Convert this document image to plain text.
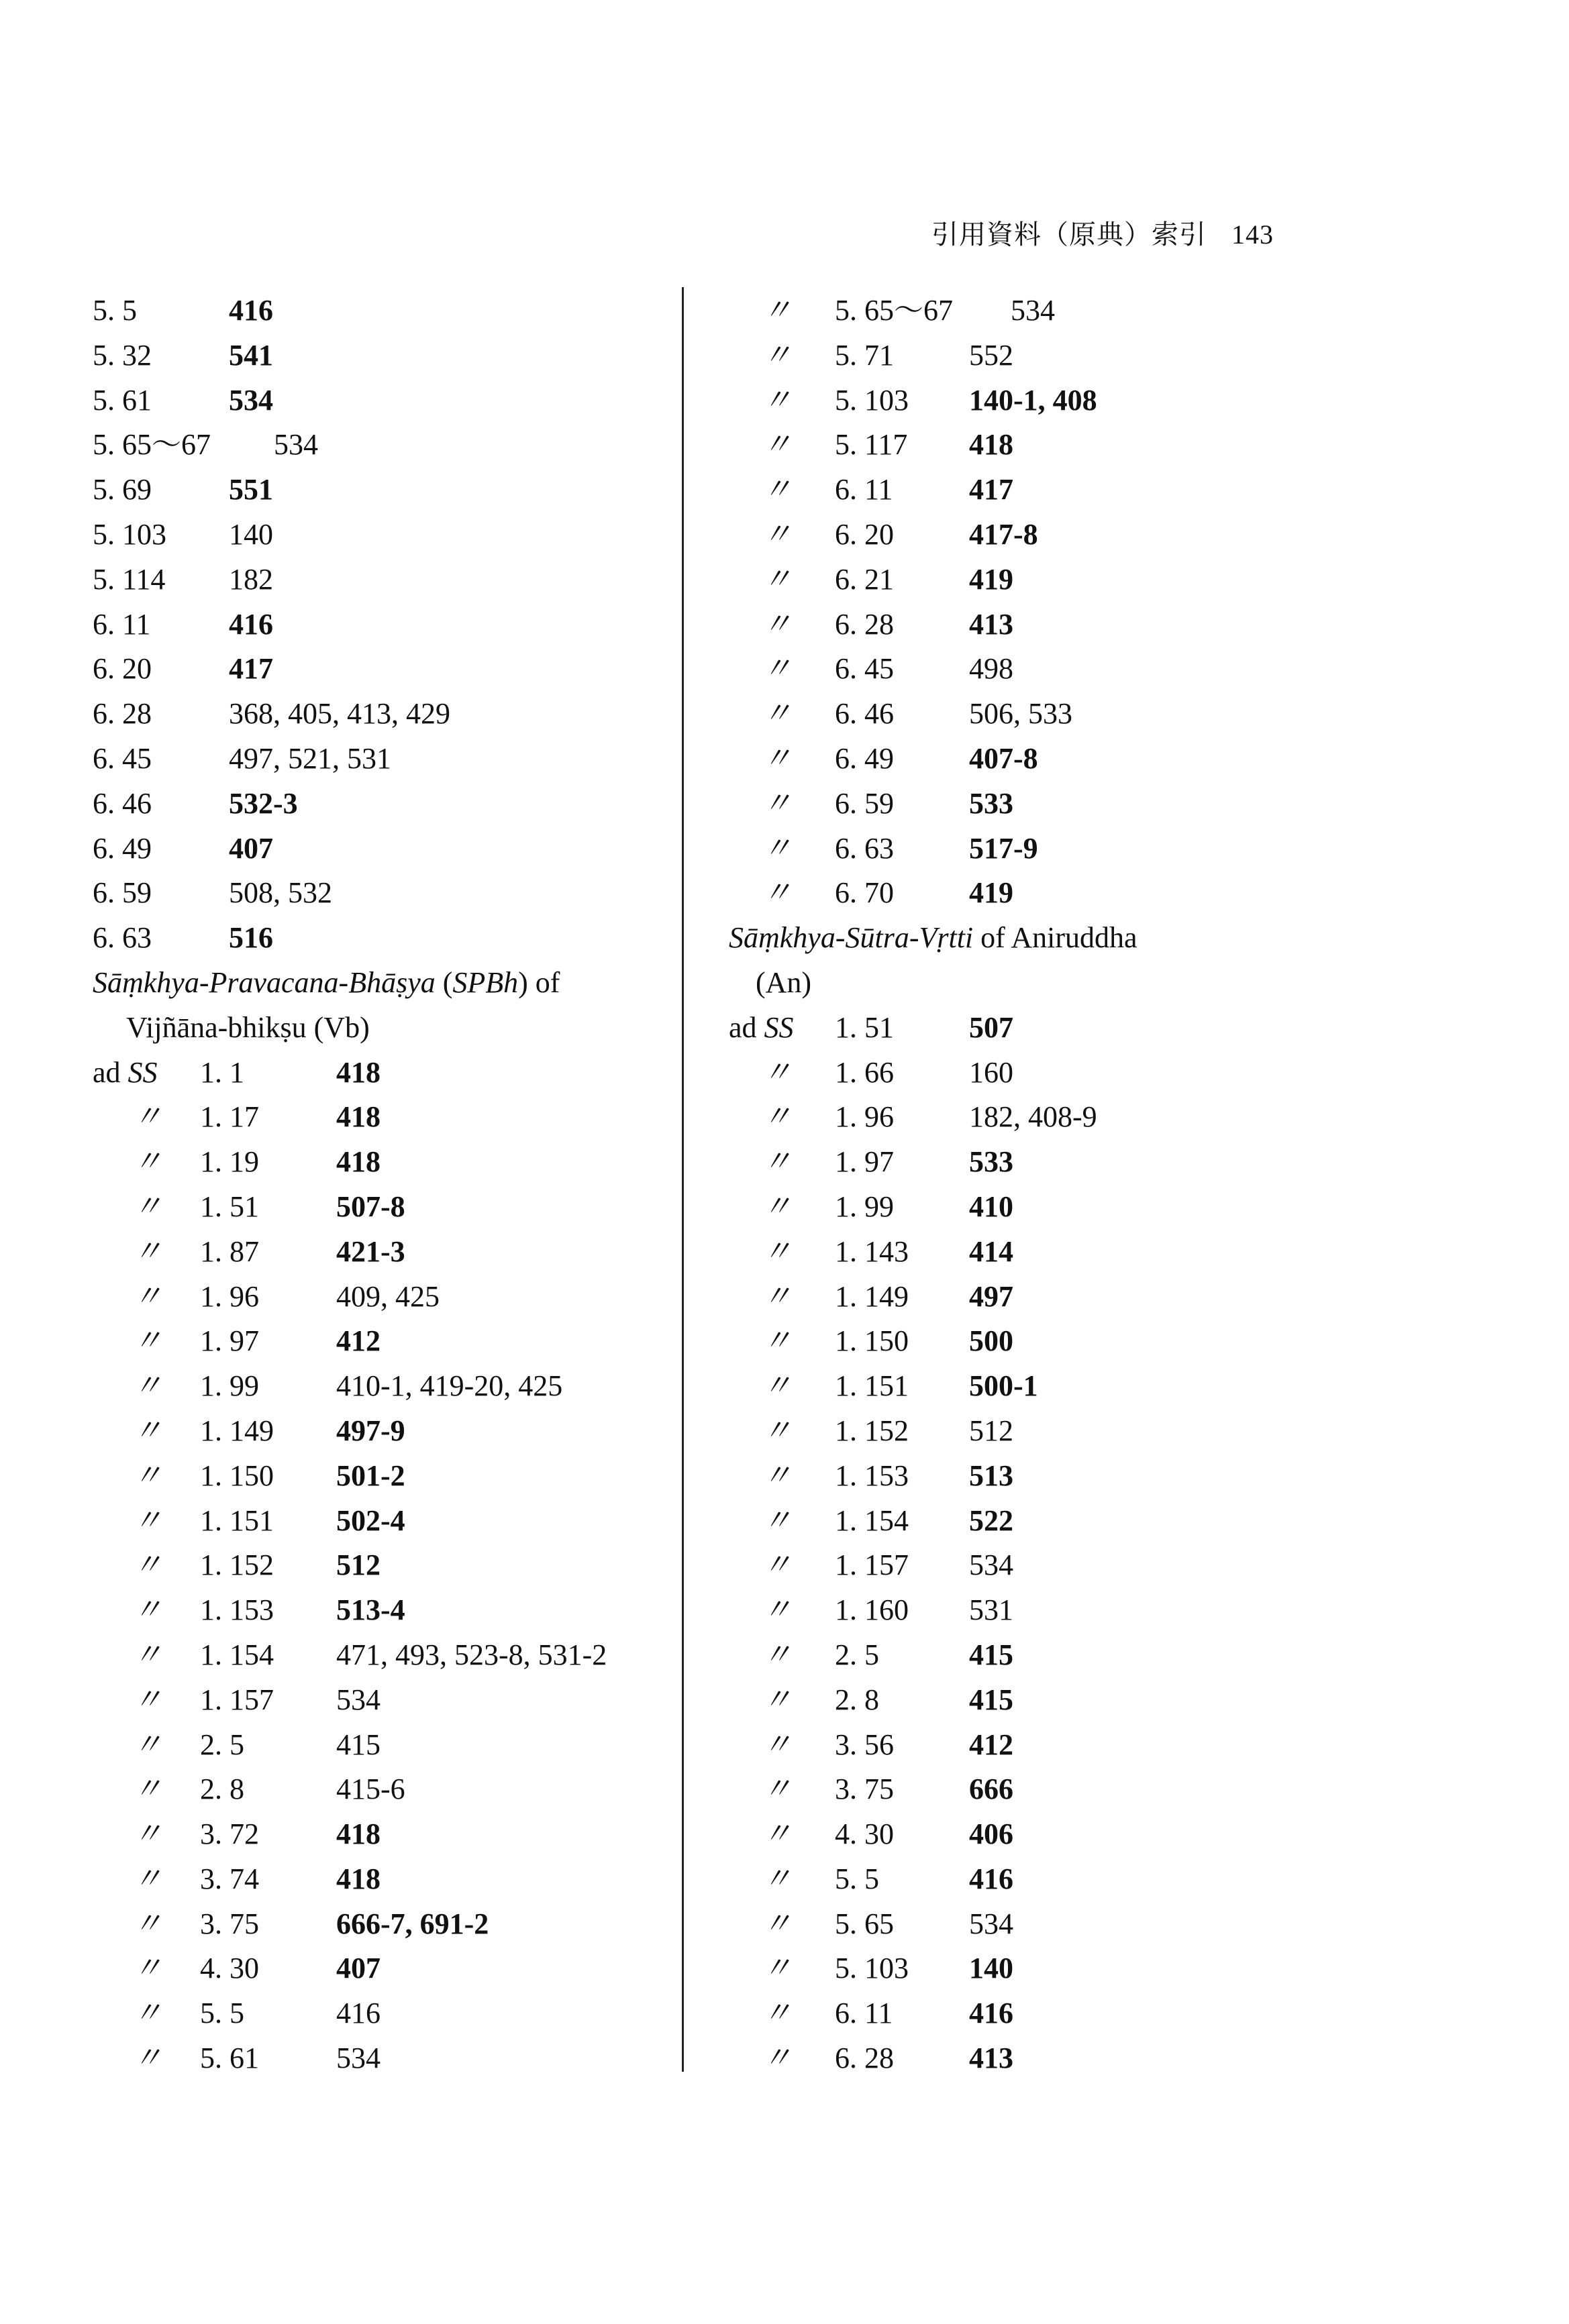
引用資料（原典）索引 143
5. 5	416
5. 32	541
5. 61	534
5. 65〜67 534
5. 69	551
5. 103 140
5. 114 182
6. 11	416
6. 20	417
6. 28	368, 405, 413, 429
6. 45	497, 521, 531
6. 46	532-3
6. 49	407
6. 59	508, 532
6. 63	516
Sāṃkhya-Pravacana-Bhāṣya (SPBh) of
Vijñāna-bhikṣu (Vb)
ad SS 1. 1	418
〃 1. 17	418
〃 1. 19	418
〃 1. 51	507-8
〃 1. 87	421-3
〃 1. 96	409, 425
〃 1. 97	412
〃 1. 99	410-1, 419-20, 425
〃 1. 149 497-9
〃 1. 150 501-2
〃 1. 151 502-4
〃 1. 152 512
〃 1. 153 513-4
〃 1. 154 471, 493, 523-8, 531-2
〃 1. 157 534
〃 2. 5	415
〃 2. 8	415-6
〃 3. 72	418
〃 3. 74	418
〃 3. 75	666-7, 691-2
〃 4. 30	407
〃 5. 5	416
〃 5. 61	534
〃 5. 65〜67 534
〃 5. 71	552
〃 5. 103 140-1, 408
〃 5. 117 418
〃 6. 11	417
〃 6. 20	417-8
〃 6. 21	419
〃 6. 28	413
〃 6. 45	498
〃 6. 46	506, 533
〃 6. 49	407-8
〃 6. 59	533
〃 6. 63	517-9
〃 6. 70	419
Sāṃkhya-Sūtra-Vṛtti of Aniruddha
(An)
ad SS 1. 51	507
〃 1. 66	160
〃 1. 96	182, 408-9
〃 1. 97	533
〃 1. 99	410
〃 1. 143 414
〃 1. 149 497
〃 1. 150 500
〃 1. 151 500-1
〃 1. 152 512
〃 1. 153 513
〃 1. 154 522
〃 1. 157 534
〃 1. 160 531
〃 2. 5	415
〃 2. 8	415
〃 3. 56	412
〃 3. 75	666
〃 4. 30	406
〃 5. 5	416
〃 5. 65	534
〃 5. 103 140
〃 6. 11	416
〃 6. 28	413
